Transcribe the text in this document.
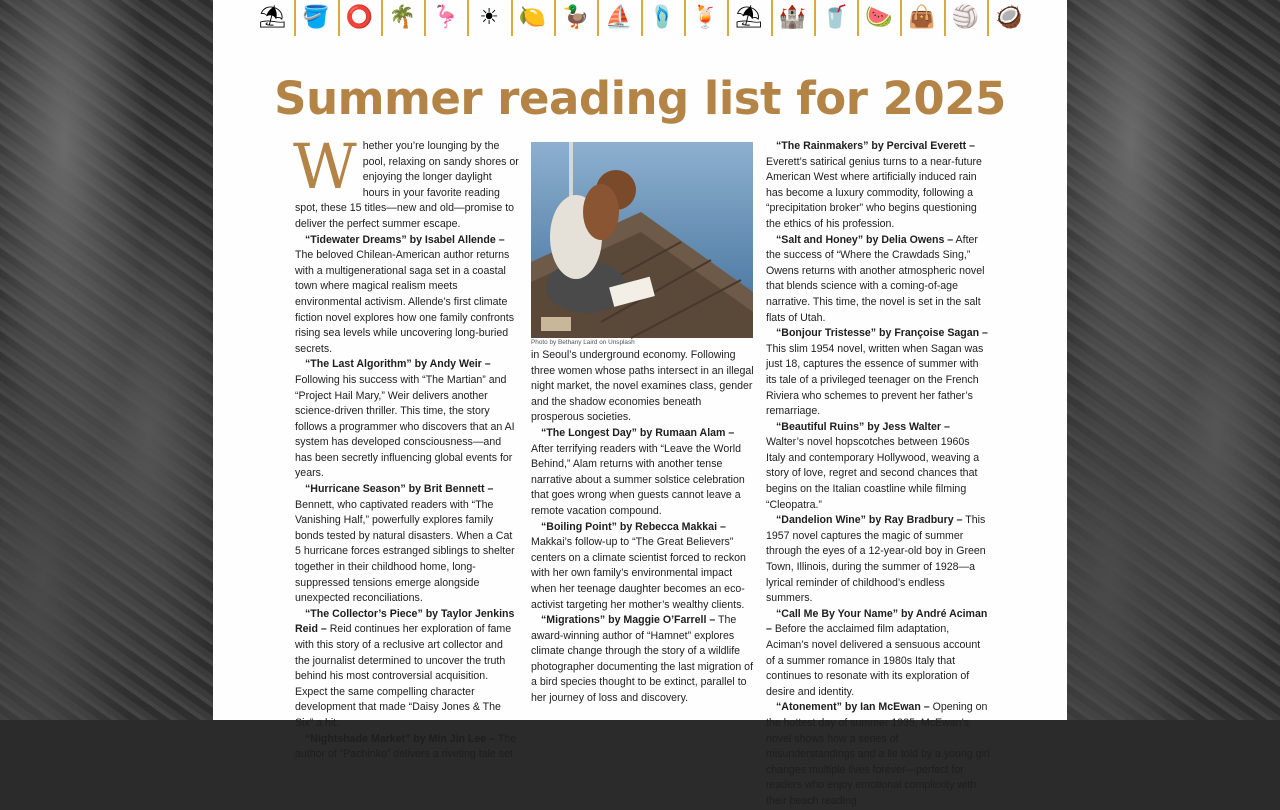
⛱ 🪣 ⭕ 🌴 🦩 ☀ 🍋 🦆 ⛵ 🩴 🍹 ⛱ 🏰 🥤 🍉 👜 🏐 🥥
Summer reading list for 2025

Whether you’re lounging by the pool, relaxing on sandy shores or enjoying the longer daylight hours in your favorite reading spot, these 15 titles—new and old—promise to deliver the perfect summer escape.

“Tidewater Dreams” by Isabel Allende – The beloved Chilean-American author returns with a multigenerational saga set in a coastal town where magical realism meets environmental activism. Allende’s first climate fiction novel explores how one family confronts rising sea levels while uncovering long-buried secrets.

“The Last Algorithm” by Andy Weir – Following his success with “The Martian” and “Project Hail Mary,” Weir delivers another science-driven thriller. This time, the story follows a programmer who discovers that an AI system has developed consciousness—and has been secretly influencing global events for years.

“Hurricane Season” by Brit Bennett – Bennett, who captivated readers with “The Vanishing Half,” powerfully explores family bonds tested by natural disasters. When a Cat 5 hurricane forces estranged siblings to shelter together in their childhood home, long-suppressed tensions emerge alongside unexpected reconciliations.

“The Collector’s Piece” by Taylor Jenkins Reid – Reid continues her exploration of fame with this story of a reclusive art collector and the journalist determined to uncover the truth behind his most controversial acquisition. Expect the same compelling character development that made “Daisy Jones & The Six” a hit.

“Nightshade Market” by Min Jin Lee – The author of “Pachinko” delivers a riveting tale set

Photo by Bethany Laird on Unsplash

in Seoul’s underground economy. Following three women whose paths intersect in an illegal night market, the novel examines class, gender and the shadow economies beneath prosperous societies.

“The Longest Day” by Rumaan Alam – After terrifying readers with “Leave the World Behind,” Alam returns with another tense narrative about a summer solstice celebration that goes wrong when guests cannot leave a remote vacation compound.

“Boiling Point” by Rebecca Makkai – Makkai’s follow-up to “The Great Believers” centers on a climate scientist forced to reckon with her own family’s environmental impact when her teenage daughter becomes an eco-activist targeting her mother’s wealthy clients.

“Migrations” by Maggie O’Farrell – The award-winning author of “Hamnet” explores climate change through the story of a wildlife photographer documenting the last migration of a bird species thought to be extinct, parallel to her journey of loss and discovery.

“The Rainmakers” by Percival Everett – Everett’s satirical genius turns to a near-future American West where artificially induced rain has become a luxury commodity, following a “precipitation broker” who begins questioning the ethics of his profession.

“Salt and Honey” by Delia Owens – After the success of “Where the Crawdads Sing,” Owens returns with another atmospheric novel that blends science with a coming-of-age narrative. This time, the novel is set in the salt flats of Utah.

“Bonjour Tristesse” by Françoise Sagan – This slim 1954 novel, written when Sagan was just 18, captures the essence of summer with its tale of a privileged teenager on the French Riviera who schemes to prevent her father’s remarriage.

“Beautiful Ruins” by Jess Walter – Walter’s novel hopscotches between 1960s Italy and contemporary Hollywood, weaving a story of love, regret and second chances that begins on the Italian coastline while filming “Cleopatra.”

“Dandelion Wine” by Ray Bradbury – This 1957 novel captures the magic of summer through the eyes of a 12-year-old boy in Green Town, Illinois, during the summer of 1928—a lyrical reminder of childhood’s endless summers.

“Call Me By Your Name” by André Aciman – Before the acclaimed film adaptation, Aciman’s novel delivered a sensuous account of a summer romance in 1980s Italy that continues to resonate with its exploration of desire and identity.

“Atonement” by Ian McEwan – Opening on the hottest day of summer 1935, McEwan’s novel shows how a series of misunderstandings and a lie told by a young girl changes multiple lives forever—perfect for readers who enjoy emotional complexity with their beach reading.
